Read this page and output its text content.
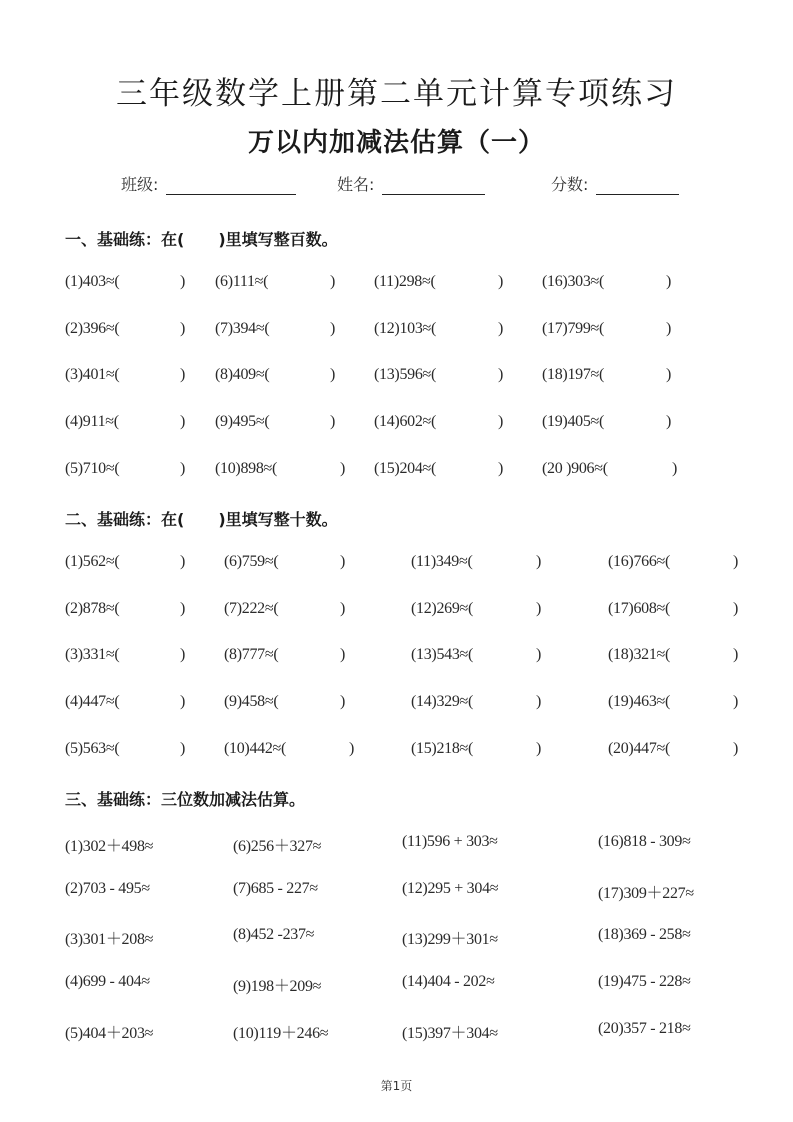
三年级数学上册第二单元计算专项练习
万以内加减法估算（一）
班级:	姓名:	分数:
一、基础练：在( )里填写整百数。
(1)403≈(	)
(2)396≈(	)
(3)401≈(	)
(4)911≈(	)
(5)710≈(	)
(6)111≈(	)
(7)394≈(	)
(8)409≈(	)
(9)495≈(	)
(10)898≈(	)
(11)298≈(	)
(12)103≈(	)
(13)596≈(	)
(14)602≈(	)
(15)204≈(	)
(16)303≈(	)
(17)799≈(	)
(18)197≈(	)
(19)405≈(	)
(20 )906≈(	)
二、基础练：在( )里填写整十数。
(1)562≈(	)
(2)878≈(	)
(3)331≈(	)
(4)447≈(	)
(5)563≈(	)
(6)759≈(	)
(7)222≈(	)
(8)777≈(	)
(9)458≈(	)
(10)442≈(	)
(11)349≈(	)
(12)269≈(	)
(13)543≈(	)
(14)329≈(	)
(15)218≈(	)
(16)766≈(	)
(17)608≈(	)
(18)321≈(	)
(19)463≈(	)
(20)447≈(	)
三、基础练：三位数加减法估算。
(1)302＋498≈
(2)703 - 495≈
(3)301＋208≈
(4)699 - 404≈
(5)404＋203≈
(6)256＋327≈
(7)685 - 227≈
(8)452 -237≈
(9)198＋209≈
(10)119＋246≈
(11)596 + 303≈
(12)295 + 304≈
(13)299＋301≈
(14)404 - 202≈
(15)397＋304≈
(16)818 - 309≈
(17)309＋227≈
(18)369 - 258≈
(19)475 - 228≈
(20)357 - 218≈
第1页
